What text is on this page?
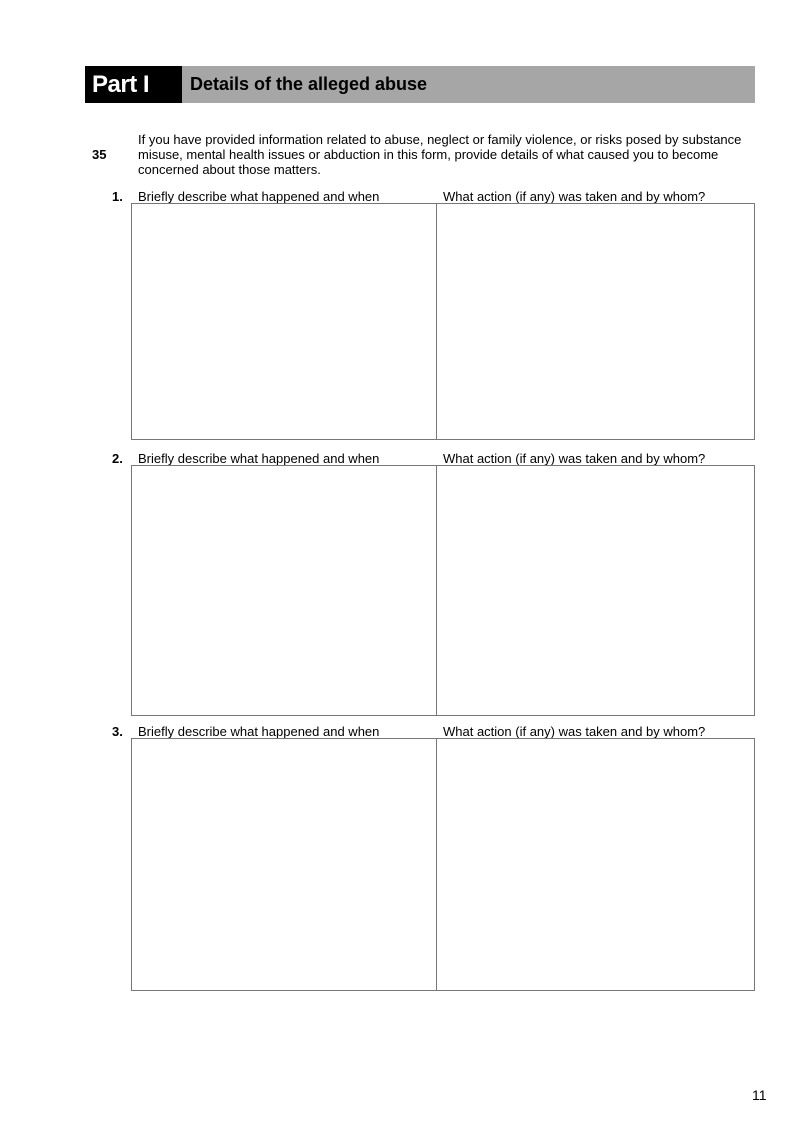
Part I	Details of the alleged abuse
35
If you have provided information related to abuse, neglect or family violence, or risks posed by substance misuse, mental health issues or abduction in this form, provide details of what caused you to become concerned about those matters.
1. Briefly describe what happened and when	What action (if any) was taken and by whom?
2. Briefly describe what happened and when	What action (if any) was taken and by whom?
3. Briefly describe what happened and when	What action (if any) was taken and by whom?
11
